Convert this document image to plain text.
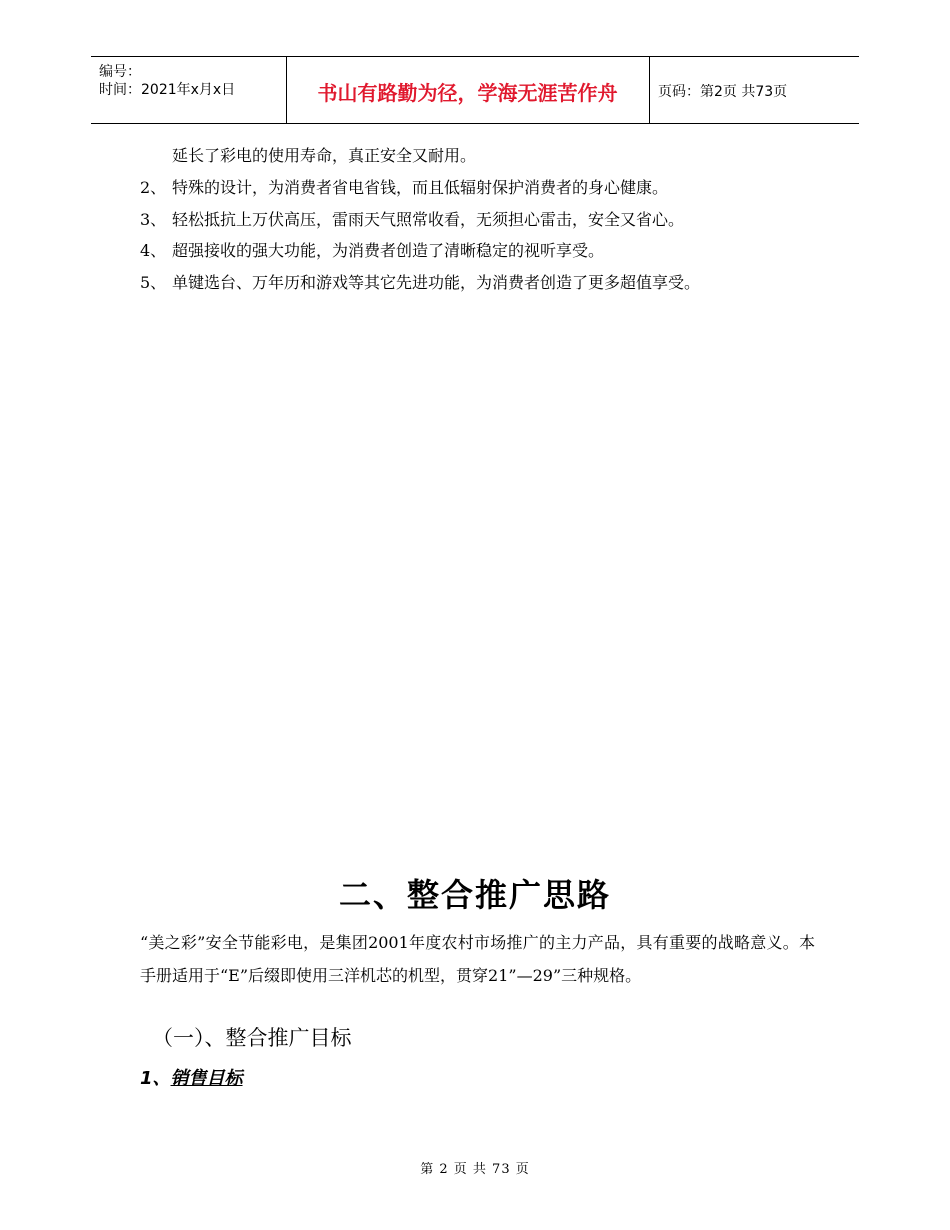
编号：
时间：2021年x月x日	书山有路勤为径，学海无涯苦作舟	页码：第2页 共73页
延长了彩电的使用寿命，真正安全又耐用。
2、 特殊的设计，为消费者省电省钱，而且低辐射保护消费者的身心健康。
3、 轻松抵抗上万伏高压，雷雨天气照常收看，无须担心雷击，安全又省心。
4、 超强接收的强大功能，为消费者创造了清晰稳定的视听享受。
5、 单键选台、万年历和游戏等其它先进功能，为消费者创造了更多超值享受。
二、整合推广思路
“美之彩”安全节能彩电，是集团2001年度农村市场推广的主力产品，具有重要的战略意义。本手册适用于“E”后缀即使用三洋机芯的机型，贯穿21”—29”三种规格。
（一）、整合推广目标
1、销售目标
第 2 页 共 73 页
